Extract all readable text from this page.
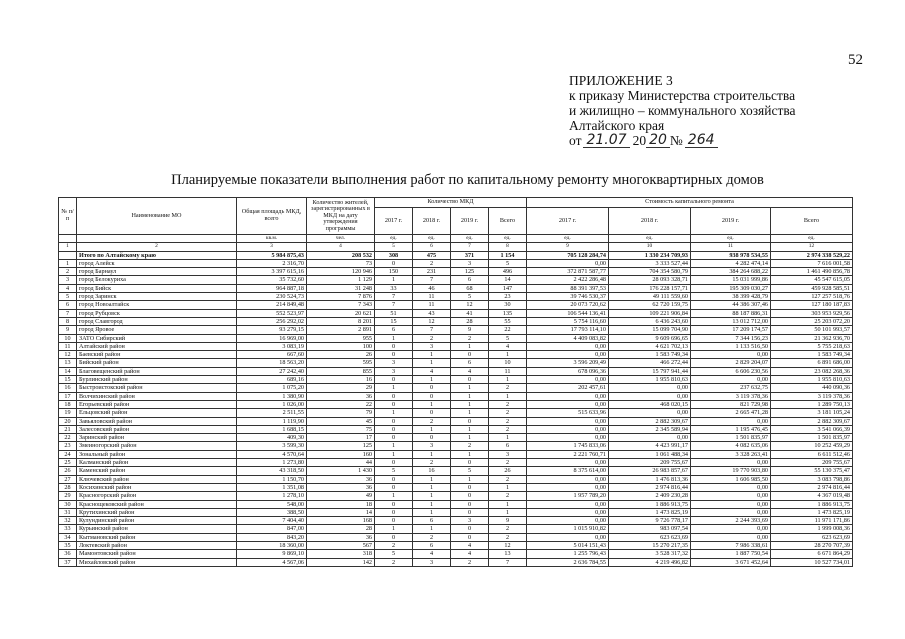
52
ПРИЛОЖЕНИЕ 3
к приказу Министерства строительства
и жилищно – коммунального хозяйства
Алтайского края
от 21.07 20 20 № 264
Планируемые показатели выполнения работ по капитальному ремонту многоквартирных домов
№ п/п	Наименование МО	Общая площадь МКД, всего	Количество жителей, зарегистрированных в МКД на дату утверждения программы	Количество МКД				Стоимость капитального ремонта			
				2017 г.	2018 г.	2019 г.	Всего	2017 г.	2018 г.	2019 г.	Всего
		кв.м.	чел.	ед.	ед.	ед.	ед.	ед.	ед.	ед.	ед.
1	2	3	4	5	6	7	8	9	10	11	12
	Итого по Алтайскому краю	5 984 875,43	208 532	308	475	371	1 154	705 128 284,74	1 330 234 709,93	938 978 534,55	2 974 338 529,22
1	город Алейск	2 316,70	73	0	2	3	5	0,00	3 333 527,44	4 282 474,14	7 616 001,58
2	город Барнаул	3 397 615,16	120 946	150	231	125	496	372 871 587,77	704 354 580,79	384 264 688,22	1 461 490 856,78
3	город Белокуриха	35 732,60	1 129	1	7	6	14	2 422 286,48	28 093 328,71	15 031 999,86	45 547 615,05
4	город Бийск	964 887,18	31 248	33	46	68	147	88 391 397,53	176 228 157,71	195 309 030,27	459 928 585,51
5	город Заринск	230 524,73	7 876	7	11	5	23	39 746 530,37	49 111 559,60	38 399 428,79	127 257 518,76
6	город Новоалтайск	214 849,48	7 343	7	11	12	30	20 073 720,62	62 720 159,75	44 386 307,46	127 180 187,83
7	город Рубцовск	552 523,97	20 621	51	43	41	135	106 544 136,41	109 221 906,84	88 187 886,31	303 953 929,56
8	город Славгород	256 292,02	8 201	15	12	28	55	5 754 116,60	6 436 243,60	13 012 712,00	25 203 072,20
9	город Яровое	93 279,15	2 891	6	7	9	22	17 793 114,10	15 099 704,90	17 209 174,57	50 101 993,57
10	ЗАТО Сибирский	16 969,00	955	1	2	2	5	4 409 083,82	9 609 696,65	7 344 156,23	21 362 936,70
11	Алтайский район	3 083,19	100	0	3	1	4	0,00	4 621 702,13	1 133 516,50	5 755 218,63
12	Баевский район	667,60	26	0	1	0	1	0,00	1 583 749,34	0,00	1 583 749,34
13	Бийский район	18 563,20	595	3	1	6	10	3 596 209,49	466 272,44	2 829 204,07	6 891 686,00
14	Благовещенский район	27 242,40	855	3	4	4	11	678 096,36	15 797 941,44	6 606 230,56	23 082 268,36
15	Бурлинский район	689,16	16	0	1	0	1	0,00	1 955 810,63	0,00	1 955 810,63
16	Быстроистокский район	1 075,20	29	1	0	1	2	202 457,61	0,00	237 632,75	440 090,36
17	Волчихинский район	1 380,90	36	0	0	1	1	0,00	0,00	3 119 378,36	3 119 378,36
18	Егорьевский район	1 026,00	22	0	1	1	2	0,00	468 020,15	821 729,98	1 289 750,13
19	Ельцовский район	2 511,55	79	1	0	1	2	515 633,96	0,00	2 665 471,28	3 181 105,24
20	Завьяловский район	1 119,90	45	0	2	0	2	0,00	2 882 309,67	0,00	2 882 309,67
21	Залесовский район	1 688,15	75	0	1	1	2	0,00	2 345 589,94	1 195 476,45	3 541 066,39
22	Заринский район	409,30	17	0	0	1	1	0,00	0,00	1 501 835,97	1 501 835,97
23	Змеиногорский район	3 599,30	125	1	3	2	6	1 745 833,06	4 423 991,17	4 082 635,06	10 252 459,29
24	Зональный район	4 570,64	160	1	1	1	3	2 221 760,71	1 061 488,34	3 328 263,41	6 611 512,46
25	Калманский район	1 273,80	44	0	2	0	2	0,00	209 755,67	0,00	209 755,67
26	Каменский район	43 318,50	1 430	5	16	5	26	8 375 614,00	26 983 857,67	19 770 903,80	55 130 375,47
27	Ключевский район	1 150,70	36	0	1	1	2	0,00	1 476 813,36	1 606 985,50	3 083 798,86
28	Косихинский район	1 351,08	36	0	1	0	1	0,00	2 974 816,44	0,00	2 974 816,44
29	Красногорский район	1 278,10	49	1	1	0	2	1 957 789,20	2 409 230,28	0,00	4 367 019,48
30	Краснощековский район	548,00	18	0	1	0	1	0,00	1 886 913,75	0,00	1 886 913,75
31	Крутихинский район	388,50	14	0	1	0	1	0,00	1 473 825,19	0,00	1 473 825,19
32	Кулундинский район	7 404,40	168	0	6	3	9	0,00	9 726 778,17	2 244 393,69	11 971 171,86
33	Курьинский район	847,00	28	1	1	0	2	1 015 910,82	983 097,54	0,00	1 999 008,36
34	Кытмановский район	843,20	36	0	2	0	2	0,00	623 623,69	0,00	623 623,69
35	Локтевский район	18 360,00	567	2	6	4	12	5 014 151,43	15 270 217,35	7 986 338,61	28 270 707,39
36	Мамонтовский район	9 869,10	318	5	4	4	13	1 255 796,43	3 528 317,32	1 887 750,54	6 671 864,29
37	Михайловский район	4 567,06	142	2	3	2	7	2 636 784,55	4 219 496,82	3 671 452,64	10 527 734,01
